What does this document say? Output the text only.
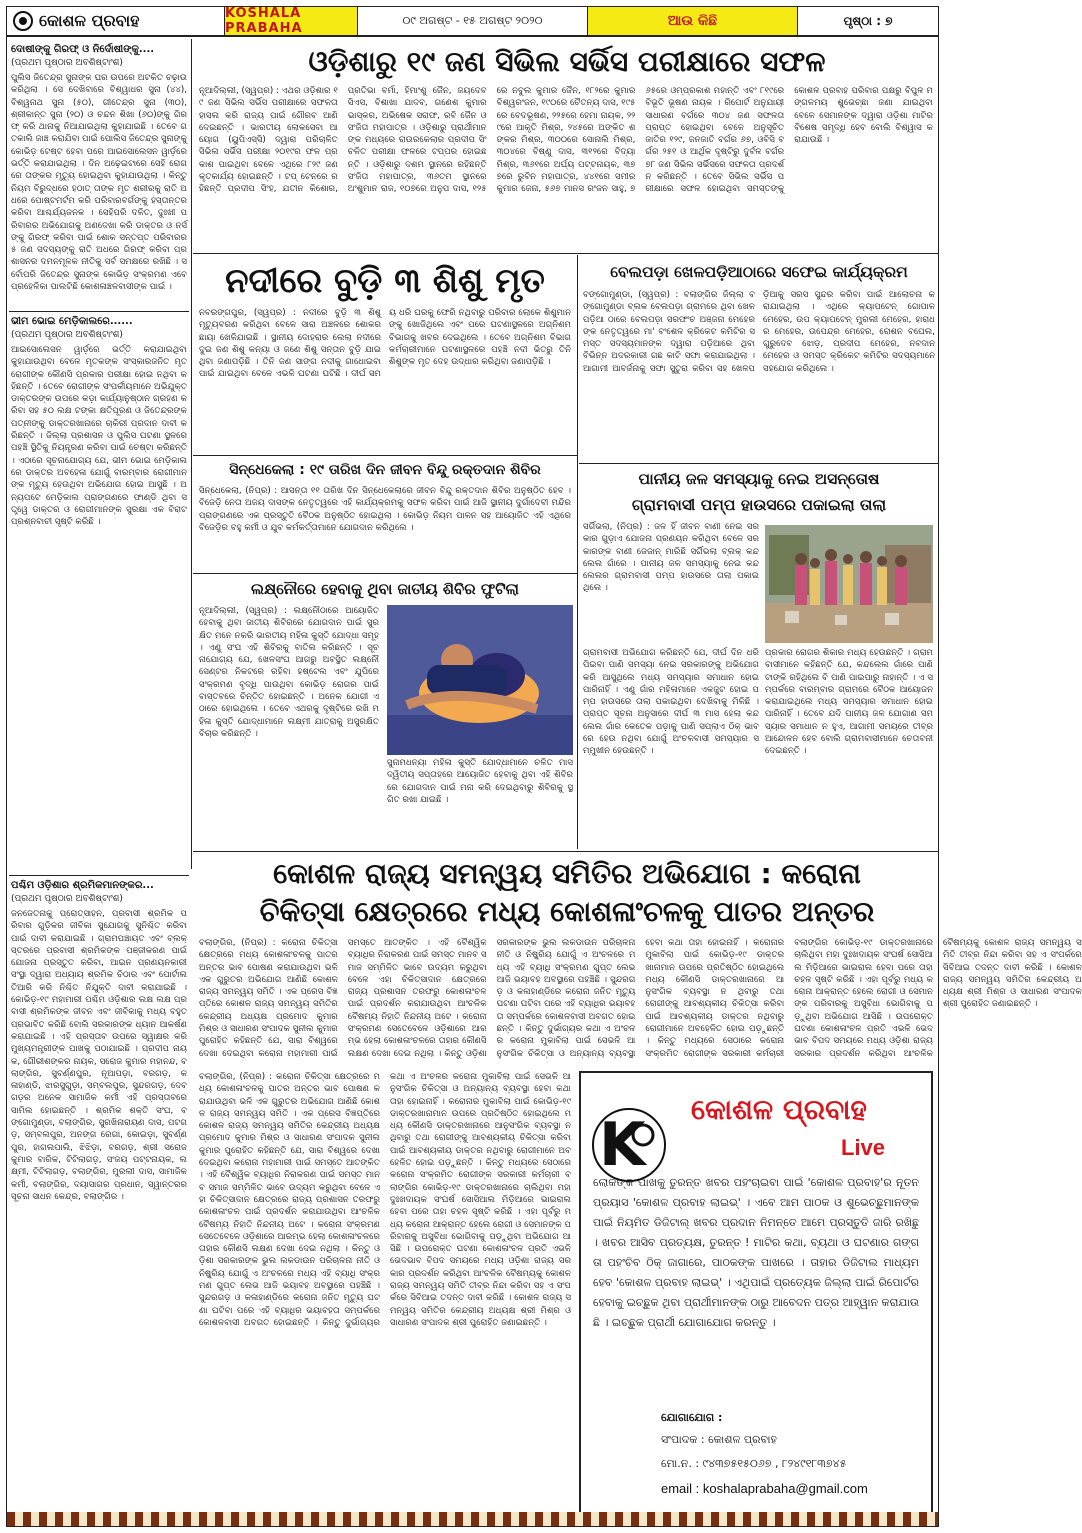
କୋଶଳ ପ୍ରବାହ	KOSHALA PRABAHA
୦୯ ଅଗଷ୍ଟ - ୧୫ ଅଗଷ୍ଟ ୨୦୨୦	ଆଉ କିଛି	ପୃଷ୍ଠା : ୭
ଦୋଷୀଙ୍କୁ ଗିରଫ୍ ଓ ନିର୍ଦୋଷୀଙ୍କୁ....
(ପ୍ରଥମ ପୃଷ୍ଠାର ଅବଶିଷ୍ଟାଂଶ)
ପୁଲିସ ଜିତେନ୍ଦ୍ର ସୁନାଙ୍କ ଘର ଉପରେ ଅଟକିତ ଚଢ଼ାଉ କରିଥିଲା । ସେ ଦେଖିବାରେ ବିଶ୍ୱାଧର ସୁନା (୪୪), ବିଶ୍ୱନାଥ ସୁନା (୫୦), ଗୀତେନ୍ଦ୍ର ସୁନା (୩୦), ଶ୍ରୀକାନ୍ତ ସୁନା (୨୦) ଓ ଚନ୍ଦନ ଶିଖା (୬୦)ଙ୍କୁ ଗିରଫ୍ କରି ଥାନାକୁ ନିଆଯାଇଥିଲା କୁହାଯାଇଛି । ତେବେ ଗତକାଲି ଜାଞ୍ଚ କରାଯିବା ପାଇଁ ପୋଲିସ ଜିତେନ୍ଦ୍ର ସୁନାଙ୍କୁ କୋଭିଡ଼ ଟେଷ୍ଟ ହେବା ପରେ ଆଇସୋଲେସନ ୱାର୍ଡ଼ରେ ଭର୍ତ୍ତି କରାଯାଇଥିଲା । ଦିନ ଅଢ଼େଇଟାରେ ସେହି ରୋଗରେ ତାଙ୍କର ମୃତ୍ୟୁ ହୋଇଥିବା କୁହାଯାଉଥିଲା । କିନ୍ତୁ ନିୟମ ବିରୁଦ୍ଧରେ ହଠାତ୍ ତାଙ୍କ ମୃତ ଶରୀରକୁ ରାତି ଅଧରେ ପୋଷ୍ଟମର୍ଟମ କରି ପରିବାରବର୍ଗଙ୍କୁ ହସ୍ତାନ୍ତର କରିବା ଆଶ୍ଚର୍ଯ୍ୟଜନକ । ସେହିପରି ଦଳିତ, ଦୁଃଖୀ ପରିବାରର ଅଭିଯୋଗକୁ ଅଣଦେଖା କରି ଡାକ୍ତର ଓ ନର୍ସଙ୍କୁ ଗିରଫ୍ କରିବା ପାଇଁ ଶୋକ ସନ୍ତପ୍ତ ପରିବାରର ୫ ଜଣ ସଦସ୍ୟଙ୍କୁ ରାତି ଅଧରେ ଗିରଫ୍ କରିବା ପ୍ରଶାସନର ଦମନମୂଳକ ନୀତିକୁ ସର୍ବ ସମକ୍ଷରେ ରଖିଛି । ସର୍ବୋପରି ଜିତେନ୍ଦ୍ର ସୁନାଙ୍କ କୋଭିଡ଼ ସଂକ୍ରମଣ ଏବେ ପ୍ରହେଳିକା ପାଲଟିଛି କୋଶଳାଞ୍ଚଳବାସୀଙ୍କ ପାଇଁ ।
ଭୀମ ଭୋଇ ମେଡ଼ିକାଲରେ......
(ପ୍ରଥମ ପୃଷ୍ଠାର ଅବଶିଷ୍ଟାଂଶ)
ଆଇସୋଲେସନ ୱାର୍ଡ଼ରେ ଭର୍ତ୍ତି କରାଯାଇଥିବା କୁହାଯାଉଥିବା ବେଳେ ମୃତକଙ୍କ ସଂସ୍କାରଜନିତ ମୃତ ରୋଗୀଙ୍କ କୌଣସି ପ୍ରକାର ପରୀକ୍ଷା ହୋଇ ନଥିବା କହିଛନ୍ତି । ତେବେ ରୋଗୀଙ୍କ ସଂପର୍କୀୟମାନେ ଅଭିଯୁକ୍ତ ଡାକ୍ତରଙ୍କ ଉପରେ କଡ଼ା କାର୍ଯ୍ୟାନୁଷ୍ଠାନ ଗ୍ରହଣ କରିବା ସହ ୫୦ ଲକ୍ଷ ଟଙ୍କା କ୍ଷତିପୂରଣ ଓ ଜିତେନ୍ଦ୍ରଙ୍କ ପତ୍ନୀଙ୍କୁ ଡାକ୍ତରଖାନାରେ ଚାକିରୀ ପ୍ରଦାନ ଦାବୀ କରିଛନ୍ତି । ଜିଲ୍ଲା ପ୍ରଶାସନ ଓ ପୁଲିସ ଘଟଣା ସ୍ଥଳରେ ପହଞ୍ଚି ସ୍ଥିତିକୁ ନିୟନ୍ତ୍ରଣ କରିବା ପାଇଁ ଚେଷ୍ଟା କରିଛନ୍ତି । ଏଠାରେ ସୂଚନାଯୋଗ୍ୟ ଯେ, ଭୀମ ଭୋଇ ମେଡ଼ିକାଲରେ ଡାକ୍ତର ଅବହେଳା ଯୋଗୁଁ ବାରମ୍ବାର ରୋଗୀମାନଙ୍କ ମୃତ୍ୟୁ ହେଉଥିବା ଅଭିଯୋଗ ହୋଇ ଆସୁଛି । ଅନ୍ୟପଟେ ମେଡ଼ିକାଲ ପ୍ରାଙ୍ଗଣରେ ଫାଣ୍ଡି ଥିବା ସତ୍ତ୍ୱେ ଡାକ୍ତର ଓ ରୋଗୀମାନଙ୍କ ସୁରକ୍ଷା ଏକ ବିରାଟ ପ୍ରଶ୍ନବାଚୀ ସୃଷ୍ଟି କରିଛି ।
ପଶ୍ଚିମ ଓଡ଼ିଶାର ଶ୍ରମିକମାନଙ୍କର...
(ପ୍ରଥମ ପୃଷ୍ଠାର ଅବଶିଷ୍ଟାଂଶ)
ଜନଜେତନାକୁ ପ୍ରୋତ୍ସାହନ, ପ୍ରବାସୀ ଶ୍ରମିକ ପରିବାର ଗୁଡ଼ିକର ଜୀବିକା ସୁଯୋଗକୁ ସୁନିଶ୍ଚିତ କରିବା ପାଇଁ ଦାବୀ କରାଯାଇଛି । ଗ୍ରାମପଞ୍ଚାୟତ ଏବଂ ବ୍ଲକ୍ ସ୍ତରରେ ପ୍ରବାସୀ ଶ୍ରମିକଙ୍କ ପଞ୍ଜୀକରଣ ପାଇଁ ଯୋଜନା ପ୍ରସ୍ତୁତ କରିବା, ଆଇନ ପ୍ରଣୟନକାରୀ ସଂସ୍ଥା ଦ୍ୱାରା ଅଧ୍ୟାୟ ଶ୍ରମିକ ଚିଠାର ଏବଂ ପୋର୍ଟାଲ ତିଆରି କରି ନିଶ୍ଚିତ ନିଯୁକ୍ତି ଦାବୀ କରାଯାଇଛି । କୋଭିଡ଼-୧୯ ମହାମାରୀ ପଶ୍ଚିମ ଓଡ଼ିଶାର ଲକ୍ଷ ଲକ୍ଷ ପ୍ରବାସୀ ଶ୍ରମିକଙ୍କ ଜୀବନ ଏବଂ ଜୀବିକାକୁ ମଧ୍ୟ ବହୁତ ପ୍ରଭାବିତ କରିଛି ବୋଲି ସରକାରଙ୍କ ଧ୍ୟାନ ଆକର୍ଷଣ କରାଯାଇଛି । ଏହି ପ୍ରସ୍ତାବ ଉପରେ ସ୍ୱାକ୍ଷର କରି ମୁଖ୍ୟମନ୍ତ୍ରୀଙ୍କ ପାଖକୁ ପଠାଯାଇଛି । ପ୍ରଦୀପ ନାୟକ, ଗୌରୀଶଙ୍କର ନାୟକ, ସରୋଜ କୁମାର ମହାନନ୍ଦ, ବଲାଙ୍ଗିର, ସୁବର୍ଣ୍ଣପୁର, ନୂଆପଡ଼ା, ବରଗଡ଼, କଳାହାଣ୍ଡି, ଝାରସୁଗୁଡ଼ା, ସମ୍ବଲପୁର, ସୁନ୍ଦରଗଡ଼, ଦେବଗଡ଼ର ଅନେକ ସାମାଜିକ କର୍ମୀ ଏହି ପ୍ରସ୍ତାବରେ ସାମିଲ ହୋଇଛନ୍ତି । ଶ୍ରମିକ ଶକ୍ତି ସଂଘ, ବଙ୍ଗୋମୁଣ୍ଡା, ବଲାଙ୍ଗିର, ସୁରଖିନାରାୟଣ ଦାସ, ପଟଗଡ଼, ସମ୍ବଲପୁର, ଅନଙ୍ଗ ରେଗା, କୋଇଡ଼ା, ସୁବର୍ଣ୍ଣପୁର, ହାଗଲପାଲି, ଝିଝିଡ଼ା, ବରଗଡ଼, ଶ୍ରୀ ସରୋଜ କୁମାର ବାରିକ, ଟିଟିଲାଗଡ଼, ସଂଜୟ ପଟ୍ଟନାୟକ, ଲକ୍ଷ୍ମୀ, ଟିଟିଲାଗଡ଼, ବଲାଙ୍ଗିର, ମୁରଲୀ ଦାସ, ସାମାଜିକ କର୍ମୀ, ବଲାଙ୍ଗିର, ଦୟାସାଗର ପ୍ରଧାନ, ସ୍ୱାନ୍ତରର ସୂଚନା ସାଧନ କେନ୍ଦ୍ର, ବଲାଙ୍ଗିର ।
ଓଡ଼ିଶାରୁ ୧୯ ଜଣ ସିଭିଲ ସର୍ଭିସ ପରୀକ୍ଷାରେ ସଫଳ
ନୂଆଦିଲ୍ଲୀ, (ସ୍ୱପ୍ର) : ଏଥର ଓଡ଼ିଶାର ୧୯ ଜଣ ସିଭିଲ ସର୍ଭିସ ପରୀକ୍ଷାରେ ସଫଳତା ହାସଲ କରି ରାଜ୍ୟ ପାଇଁ ଗୌରବ ଆଣି ଦେଇଛନ୍ତି । ଭାରତୀୟ ଲୋକସେବା ଆୟୋଗ (ୟୁପିଏସ୍‌ସି) ଦ୍ୱାରା ପରିଚାଳିତ ସିଭିଲ ସର୍ଭିସ ପରୀକ୍ଷା ୨୦୧୯ର ଫଳ ପ୍ରକାଶ ପାଇଥିବା ବେଳେ ଏଥିରେ ୮୨୯ ଜଣ କୃତକାର୍ଯ୍ୟ ହୋଇଛନ୍ତି । ଟପ୍ ଟେନରେ ରହିଛନ୍ତି ପ୍ରଦୀପ ସିଂହ, ଯତୀନ କିଶୋର, ପ୍ରତିଭା ବର୍ମା, ହିମାଂଶୁ ଜୈନ, ଜୟଦେବ ସିଏସ, ବିଶାଖା ଯାଦବ, ଗଣେଶ କୁମାର ଭାସ୍କର, ଅଭିଷେକ ସରାଫ, ରବି ଜୈନ ଓ ସଂଜିତା ମହାପାତ୍ର । ଓଡ଼ିଶାରୁ ପ୍ରାର୍ଥୀମାନଙ୍କ ମଧ୍ୟରେ ରାଉରକେଲାର ପ୍ରଦୀପ ସିଂ ଚଳିତ ପରୀକ୍ଷା ଫଳରେ ଟପ୍ପର ହୋଇଛନ୍ତି । ଓଡ଼ିଶାରୁ ଦଶମ ସ୍ଥାନରେ ରହିଛନ୍ତି ସଂଜିତା ମହାପାତ୍ର, ୩୬ତମ ସ୍ଥାନରେ ଅଂଶୁମାନ ରାଜ, ୧୦୭ରେ ଅନୁପ ଦାସ, ୧୨୫ରେ ନବୁଲ କୁମାର ଜୈନ, ୧୮୨ରେ କୁମାର ବିଶ୍ୱରଂଜନ, ୧୯୦ରେ ଚୈତନ୍ୟ ଦାସ, ୧୯୫ରେ ବେଦଭୂଷଣ, ୨୨୫ରେ ହେମା ନାୟକ, ୨୨୯ରେ ଆକୃତି ମିଶ୍ର, ୨୪୫ରେ ଅଙ୍କିତ ଶଙ୍କର ମିଶ୍ର, ୩୦୦ରେ ସୋନାଲି ମିଶ୍ର, ୩୦୪ରେ ବିଷ୍ଣୁ ଦାସ, ୩୧୨ରେ ବିଦ୍ୟା ମିଶ୍ର, ୩୬୧ରେ ଅର୍ଘ୍ୟ ପଟ୍ଟନାୟକ, ୩୭୭ରେ ରୁବିନ ମହାପାତ୍ର, ୪୪୧ରେ ସମୀର କୁମାର ଜେନା, ୫୬୭ ମାନସ ରଂଜନ ସାହୁ, ୭୬୫ରେ ଓମ୍‌ପ୍ରକାଶ ମହାନ୍ତି ଏବଂ ୮୧୯ରେ ବିଭୂତି ଭୂଷଣ ନାୟକ । ରିପୋର୍ଟ ଅନୁଯାୟୀ ସାଧାରଣ ବର୍ଗରେ ୩୦୪ ଜଣ ସଫଳତା ପ୍ରାପ୍ତ ହୋଇଥିବା ବେଳେ ଅନୁସୂଚିତ ଜାତିର ୧୨୯, ଜନଜାତି ବର୍ଗର ୬୭, ଓବିସି ବର୍ଗର ୨୫୧ ଓ ଆର୍ଥିକ ଦୃଷ୍ଟିରୁ ଦୁର୍ବଳ ବର୍ଗର ୭୮ ଜଣ ସିଭିଲ ସର୍ଭିସରେ ସଫଳତା ପ୍ରଦର୍ଶନ କରିଛନ୍ତି । ତେବେ ସିଭିଲ ସର୍ଭିସ ପରୀକ୍ଷାରେ ସଫଳ ହୋଇଥିବା ସମସ୍ତଙ୍କୁ କୋଶଳ ପ୍ରବାହ ପରିବାର ପକ୍ଷରୁ ବିପୁଳ ମଙ୍ଗଳମୟ ଶୁଭେଚ୍ଛା ଜଣା ଯାଇଥିବା ବେଳେ ସେମାନଙ୍କ ଦ୍ୱାରା ଓଡ଼ିଶା ମାଟିର ବିଶେଷ ସମୃଦ୍ଧି ହେବ ବୋଲି ବିଶ୍ୱାସ କରାଯାଉଛି ।
ନଦୀରେ ବୁଡ଼ି ୩ ଶିଶୁ ମୃତ
ନବରଙ୍ଗପୁର, (ସ୍ୱପ୍ର) : ନଦୀରେ ବୁଡ଼ି ୩ ଶିଶୁ ମୃତ୍ୟୁବରଣ କରିଥିବା ବେଳେ ସାରା ଅଞ୍ଚଳରେ ଶୋକର ଛାୟା ଖେଳିଯାଇଛି । ସ୍ଥାନୀୟ ଦୋହରାର ଲେଲା ନଦୀରେ ଦୁଇ ଜଣ ଶିଶୁ କନ୍ୟା ଓ ଜଣେ ଶିଶୁ ସନ୍ତାନ ବୁଡ଼ି ଯାଇଥିବା ଜଣାପଡ଼ିଛି । ତିନି ଜଣ ସାଙ୍ଗ ନଦୀକୁ ଗାଧୋଇବା ପାଇଁ ଯାଇଥିବା ବେଳେ ଏଭଳି ଘଟଣା ଘଟିଛି । ଦୀର୍ଘ ସମୟ ଧରି ଘରକୁ ଫେରି ନଥିବାରୁ ପରିବାର ଲୋକେ ଶିଶୁମାନଙ୍କୁ ଖୋଜିଥିଲେ ଏବଂ ପରେ ଘଟଣାସ୍ଥଳରେ ଅଗ୍ନିଶମ ବିଭାଗକୁ ଖବର ଦେଇଥିଲେ । ତେବେ ଅଗ୍ନିଶମ ବିଭାଗ କର୍ମଚାରୀମାନେ ଘଟଣାସ୍ଥଳରେ ପହଞ୍ଚି ନଦୀ ଭିତରୁ ତିନି ଶିଶୁଙ୍କ ମୃତ ଦେହ ଉଦ୍ଧାର କରିଥିବା ଜଣାପଡ଼ିଛି ।
ସିନ୍ଧେକେଲା : ୧୯ ତାରିଖ ଦିନ ଜୀବନ ବିନ୍ଦୁ ରକ୍ତଦାନ ଶିବିର
ସିନ୍ଧେକେଲା, (ନିପ୍ର) : ଆସନ୍ତା ୧୧ ତାରିଖ ଦିନ ସିନ୍ଧେକେଲାରେ ଜୀବନ ବିନ୍ଦୁ ରକ୍ତଦାନ ଶିବିର ଅନୁଷ୍ଠିତ ହେବ । ବିଜେଡ଼ି ନେତା ଅଜୟ ଦାସଙ୍କ ନେତୃତ୍ୱରେ ଏହି କାର୍ଯ୍ୟକ୍ରମକୁ ସଫଳ କରିବା ପାଇଁ ଆଜି ସ୍ଥାନୀୟ ଦୁର୍ଗାଦେବୀ ମନ୍ଦିର ପ୍ରାଙ୍ଗଣରେ ଏକ ପ୍ରସ୍ତୁତି ବୈଠକ ଅନୁଷ୍ଠିତ ହୋଇଥିଲା । କୋଭିଡ଼ ନିୟମ ପାଳନ ସହ ଆୟୋଜିତ ଏହି ଏଥିରେ ବିଜେଡ଼ିର ବହୁ କର୍ମୀ ଓ ଯୁବ କର୍ମକର୍ତ୍ତାମାନେ ଯୋଗଦାନ କରିଥିଲେ ।
ଲକ୍ଷ୍ନୌରେ ହେବାକୁ ଥିବା ଜାତୀୟ ଶିବିର ଫୁଟିଲା
ନୂଆଦିଲ୍ଲୀ, (ସ୍ୱପ୍ର) : ଲକ୍ଷ୍ନୌଠାରେ ଆୟୋଜିତ ହେବାକୁ ଥିବା ଜାତୀୟ ଶିବିରରେ ଯୋଗଦାନ ପାଇଁ ସୁରକ୍ଷିତ ମନେ ନକରି ଭାରତୀୟ ମହିଳା କୁସ୍ତି ଯୋଦ୍ଧା ସମୂହ । ଏଣୁ ସଂଘ ଏହି ଶିବିରକୁ ବାତିଲ କରିଛନ୍ତି । ସୂଚନାଯୋଗ୍ୟ ଯେ, ଖେଳସଂଘ ଆଗରୁ ଅବସ୍ଥିତ ଲକ୍ଷ୍ନୌ ସେଣ୍ଟର ନିକଟରେ ରହିବା ହଷ୍ଟେଲ ଏବଂ ଯୁପିରେ ସଂକ୍ରମଣ ବୃଦ୍ଧି ପାଉଥିବା କୋଭିଡ଼ ରୋଗର ପାଇଁ ବାସ୍ତବରେ ଚିନ୍ତିତ ହୋଇଛନ୍ତି । ଅନେକ ଯୋଗୀ ଏଠାରେ ହୋଇଥିଲେ । ତେବେ ଏଥରକୁ ଦୃଷ୍ଟିରେ ରଖି ମହିଳା କୁସ୍ତି ଯୋଦ୍ଧାମାନେ ଲକ୍ଷ୍ମୀ ଯାତ୍ରାକୁ ଅସୁରକ୍ଷିତ ବିଚାର କରିଛନ୍ତି ।
ସୁନାମଧନ୍ୟା ମହିଳା କୁସ୍ତି ଯୋଦ୍ଧାମାନେ ଚଳିତ ମାସ ଦ୍ୱିତୀୟ ସପ୍ତାହରେ ଆୟୋଜିତ ହେବାକୁ ଥିବା ଏହି ଶିବିରରେ ଯୋଗଦାନ ପାଇଁ ମନା କରି ଦେଇଥିବାରୁ ଶିବିରକୁ ସ୍ଥଗିତ ରଖା ଯାଇଛି ।
ବେଲପଡ଼ା ଖେଳପଡ଼ିଆଠାରେ ସଫେଇ କାର୍ଯ୍ୟକ୍ରମ
ବଙ୍ଗୋମୁଣ୍ଡା, (ସ୍ୱପ୍ର) : ବଲାଙ୍ଗିର ଜିଲ୍ଲା ବଙ୍ଗୋମୁଣ୍ଡା ବ୍ଲକ ବେଲପଡ଼ା ଗ୍ରାମରେ ଥିବା ଖେଳପଡ଼ିଆ ଠାରେ ବେଲପଡ଼ା ସରଫଂଚ ଅଞ୍ଜନା ମେହେରଙ୍କ ନେତୃତ୍ୱରେ ମା' ବଂଶେଳ କ୍ରିକେଟ କମିଟିର ସମସ୍ତ ସଦସ୍ୟମାନଙ୍କ ଦ୍ୱାରା ପଡ଼ିଆରେ ଥିବା ବିଭିନ୍ନ ଅଦରକାରୀ ଗଛ କାଟି ସଫା କରାଯାଇଥିଲା । ଆଗାମୀ ଆବର୍ଜନାକୁ ସଫା ସୁତୁରା କରିବା ସହ ଖେଳପଡ଼ିଆକୁ ସରସ ସୁନ୍ଦର କରିବା ପାଇଁ ଆଲୋଚନା କରାଯାଇଥିଲା । ଏଥିରେ କ୍ୟାପଟେନ୍ ଗୋପାଳ ମେହେର, ଉପ କ୍ୟାପଟେନ୍ ମୁରଲୀ ମେହେର, ହାରାଧର ମେହେର, ଉପେନ୍ଦ୍ର ମେହେର, ରୋଶନ ବଘେଲ, ଗୁରୁଦେବ ଝୋଡ଼, ପ୍ରଦୀପ ମେହେର, ନବଦାନ ମେହେର ଓ ସମସ୍ତ କ୍ରିକେଟ କମିଟିର ସଦସ୍ୟମାନେ ସହଯୋଗ କରିଥିଲେ ।
ପାନୀୟ ଜଳ ସମସ୍ୟାକୁ ନେଇ ଅସନ୍ତୋଷ
ଗ୍ରାମବାସୀ ପମ୍ପ ହାଉସରେ ପକାଇଲା ତାଲା
ସର୍ଗିଭଲା, (ନିପ୍ର) : ଜଳ ହିଁ ଜୀବନ ବାଣୀ ନେଇ ସରକାର ଗୁଡ଼ାଏ ଯୋଜନା ପ୍ରଣୟନ କରିଥିବା ବେଳେ ସରକାରଙ୍କ ବାଣୀ ଜେଜାନ୍ ମାରିଛି ସର୍ଗିଭଲା ବ୍ଲକ୍ କନ୍ଦଲେଲ ଗାଁରେ । ପାନୀୟ ଜଳ ସମସ୍ୟାକୁ ନେଇ କନ୍ଦଲେଲର ଗ୍ରାମବାସୀ ପମ୍ପ ହାଉସରେ ତାଲା ପକାଇଥିଲେ ।
ଗ୍ରାମବାସୀ ଅଭିଯୋଗ କରିଛନ୍ତି ଯେ, ଦୀର୍ଘ ଦିନ ଧରି ପିଇବା ପାଣି ସମସ୍ୟା ନେଇ ସରକାରଙ୍କୁ ଅଭିଯୋଗ କରି ଆସୁଥିଲେ ମଧ୍ୟ ସମସ୍ୟାର ସମାଧାନ ହୋଇ ପାରିନାହିଁ । ଏଣୁ ଗାଁର ମହିଳାମାନେ ଏକଜୁଟ ହୋଇ ପମ୍ପ ହାଉସରେ ତାଲା ପକାଇଥିବା ଦେଖିବାକୁ ମିଳିଛି । ପ୍ରାପ୍ତ ସୂଚନା ଅନୁସାରେ ଦୀର୍ଘ ୩ ମାସ ହେଲା କନ୍ଦଲେଲ ଗାଁର କେତେକ ପଡ଼ାକୁ ପାଣି ସପ୍ଲାଏ ଠିକ୍ ଭାବରେ ହେଉ ନଥିବା ଯୋଗୁଁ ଅଂଚଳବାସୀ ସମସ୍ୟାର ସମ୍ମୁଖୀନ ହେଉଛନ୍ତି ।
ପ୍ରକାର ରୋଗର ଶିକାର ମଧ୍ୟ ହେଉଛନ୍ତି । ଗ୍ରାମବାସୀମାନେ କହିଛନ୍ତି ଯେ, କନ୍ଦଲେଲ ଗାଁରେ ପାଣି ଟାଙ୍କି ରହିଥିଲେ ବି ପାଣି ପାଇପାରୁ ନାହାନ୍ତି । ଏ ସମ୍ପର୍କରେ ବାରମ୍ବାର ଗ୍ରାମରେ ବୈଠକ ଆୟୋଜନ କରାଯାଇଥିଲେ ମଧ୍ୟ ସମସ୍ୟାର ସମାଧାନ ହୋଇପାରିନାହିଁ । ତେବେ ଯଦି ପାନୀୟ ଜଳ ଯୋଗାଣ ସମସ୍ୟାର ସମାଧାନ ନ ହୁଏ, ଆଗାମୀ ସମୟରେ ତୀବ୍ର ଆନ୍ଦୋଳନ ହେବ ବୋଲି ଗ୍ରାମବାସୀମାନେ ଚେତାବନୀ ଦେଇଛନ୍ତି ।
କୋଶଳ ରାଜ୍ୟ ସମନ୍ୱୟ ସମିତିର ଅଭିଯୋଗ : କରୋନା
ଚିକିତ୍ସା କ୍ଷେତ୍ରରେ ମଧ୍ୟ କୋଶଳାଂଚଳକୁ ପାତର ଅନ୍ତର
ବଲାଙ୍ଗିର, (ନିପ୍ର) : କରୋନା ଚିକିତ୍ସା କ୍ଷେତ୍ରରେ ମଧ୍ୟ କୋଶଳାଂଚଳକୁ ପାତର ଅନ୍ତର ଭାବ ପୋଷଣ କରାଯାଉଥିବା ଭଳି ଏକ ଗୁରୁତର ଅଭିଯୋଗ ଆଣିଛି କୋଶଳ ରାଜ୍ୟ ସମନ୍ୱୟ ସମିତି । ଏକ ପ୍ରେସ ବିଜ୍ଞପ୍ତିରେ କୋଶଳ ରାଜ୍ୟ ସମନ୍ୱୟ ସମିତିର କେନ୍ଦ୍ରୀୟ ଅଧ୍ୟକ୍ଷ ପ୍ରମୋଦ କୁମାର ମିଶ୍ର ଓ ସାଧାରଣ ସଂପାଦକ ସୁନୀଲ କୁମାର ପୁରୋହିତ କହିଛନ୍ତି ଯେ, ସାରା ବିଶ୍ୱରେ ଦେଖା ଦେଇଥିବା କରୋନା ମହାମାରୀ ପାଇଁ ସମସ୍ତେ ଆତଙ୍କିତ । ଏହି ବୈଶ୍ୱିକ ବ୍ୟାଧିର ନିରାକରଣ ପାଇଁ ସମସ୍ତ ମାନବ ସମାଜ ସମ୍ମିଳିତ ଭାବେ ଉଦ୍ୟମ କରୁଥିବା ବେଳେ ଏହା ଚିକିତ୍ସାଦାନ କ୍ଷେତ୍ରରେ ରାଜ୍ୟ ପ୍ରଶାସନ ତରଫରୁ କୋଶଳାଂଚଳ ପାଇଁ ପ୍ରଦର୍ଶନ କରାଯାଉଥିବା ଆଂଚଳିକ ବୈଷମ୍ୟ ନିହାତି ନିନ୍ଦନୀୟ ଅଟେ । କରୋନା ସଂକ୍ରମଣ ସେତେବେଳେ ଓଡ଼ିଶାରେ ଆରମ୍ଭ ହେଲା କୋଶଳାଂଚଳରେ ତାହାର କୌଣସି ଲକ୍ଷଣ ଦେଖା ଦେଇ ନଥିଲା । କିନ୍ତୁ ଓଡ଼ିଶା ସରକାରଙ୍କ ଭୁଲ ଲକଡାଉନ ପରିଚାଳନା ନୀତି ଓ ନିଷ୍କ୍ରିୟ ଯୋଗୁଁ ଏ ଅଂଚଳରେ ମଧ୍ୟ ଏହି ବ୍ୟାଧି ସଂକ୍ରମଣ ଗୁପ୍ତ ଲେଭ ଆଜି ଭୟାବହ ଅବସ୍ଥାରେ ପହଞ୍ଚିଛି । ସୁନ୍ଦରଗଡ଼ ଓ କଳାହାଣ୍ଡିରେ କରୋନା ଜନିତ ମୃତ୍ୟୁ ଘଟଣା ଘଟିବା ପରେ ଏହି ବ୍ୟାଧିର ଭୟାବହତା ସମ୍ପର୍କରେ କୋଶଳବାସୀ ଅବଗତ ହୋଇଛନ୍ତି । କିନ୍ତୁ ଦୁର୍ଭାଗ୍ୟର କଥା ଏ ଅଂଚଳର କରୋନା ମୁକାବିଲା ପାଇଁ ସେଭଳି ଆନୁସଂଗିକ ଚିକିତ୍ସା ଓ ଅନ୍ୟାନ୍ୟ ବ୍ୟବସ୍ଥା ହେବା କଥା ତାହା ହୋଇନାହିଁ । କରୋନାର ମୁକାବିଲା ପାଇଁ କୋଭିଡ଼-୧୯ ଡାକ୍ତରଖାନାମାନ ଉପରେ ପ୍ରତିଷ୍ଠିତ ହୋଇଥିଲେ ମଧ୍ୟ କୌଣସି ଡାକ୍ତରଖାନାରେ ଆନୁସଂଗିକ ବ୍ୟବସ୍ଥା ନ ଥିବାରୁ ତଥା ରୋଗୀଙ୍କୁ ଆବଶ୍ୟକୀୟ ଚିକିତ୍ସା କରିବା ପାଇଁ ଆବଶ୍ୟକୀୟ ଡାକ୍ତର ନଥିବାରୁ ରୋଗୀମାନେ ଅବହେଳିତ ହୋଇ ପଡ଼ୁଛନ୍ତି । କିନ୍ତୁ ମଧ୍ୟରେ ସେଠାରେ କରୋନା ସଂକ୍ରମିତ ରୋଗୀଙ୍କ ସରକାରୀ କର୍ମଚାରୀ ବଲାଙ୍ଗିର କୋଭିଡ଼-୧୯ ଡାକ୍ତରଖାନାରେ ଚାଲିଥିବା ମହା ଦୁଃଖଦାୟକ ସଂଘର୍ଷ ସୋସିଆଲ ମିଡ଼ିଆରେ ଭାଇରାଲ ହେବା ପରେ ତାହା ଚହଳ ସୃଷ୍ଟି କରିଛି । ଏହା ପୂର୍ବରୁ ମଧ୍ୟ କରୋନା ଆକ୍ରାନ୍ତ ହେଲେ ରୋଗୀ ଓ ସେମାନଙ୍କ ପରିବାରକୁ ଅସୁବିଧା ଭୋଗିବାକୁ ପଡ଼ୁଥିବା ଅଭିଯୋଗ ଆସିଛି । ଉପରୋକ୍ତ ଘଟଣା କୋଶଳାଂଚଳ ପ୍ରତି ଏଭଳି ଭେଦଭାବ ବିପଦ ସମୟରେ ମଧ୍ୟ ଓଡ଼ିଶା ରାଜ୍ୟ ସରକାର ପ୍ରଦର୍ଶନ କରିଥିବା ଆଂଚଳିକ ବୈଷମ୍ୟକୁ କୋଶଳ ରାଜ୍ୟ ସମନ୍ୱୟ ସମିତି ତୀବ୍ର ନିନ୍ଦା କରିବା ସହ ଏ ସଂପର୍କରେ ସିବିଆଇ ତଦନ୍ତ ଦାବୀ କରିଛି । କୋଶଳ ରାଜ୍ୟ ସମନ୍ୱୟ ସମିତିର କେନ୍ଦ୍ରୀୟ ଅଧ୍ୟକ୍ଷ ଶ୍ରୀ ମିଶ୍ର ଓ ସାଧାରଣ ସଂପାଦକ ଶ୍ରୀ ପୁରୋହିତ ଜଣାଇଛନ୍ତି ।
ବଲାଙ୍ଗିର, (ନିପ୍ର) : କରୋନା ଚିକିତ୍ସା କ୍ଷେତ୍ରରେ ମଧ୍ୟ କୋଶଳାଂଚଳକୁ ପାତର ଅନ୍ତର ଭାବ ପୋଷଣ କରାଯାଉଥିବା ଭଳି ଏକ ଗୁରୁତର ଅଭିଯୋଗ ଆଣିଛି କୋଶଳ ରାଜ୍ୟ ସମନ୍ୱୟ ସମିତି । ଏକ ପ୍ରେସ ବିଜ୍ଞପ୍ତିରେ କୋଶଳ ରାଜ୍ୟ ସମନ୍ୱୟ ସମିତିର କେନ୍ଦ୍ରୀୟ ଅଧ୍ୟକ୍ଷ ପ୍ରମୋଦ କୁମାର ମିଶ୍ର ଓ ସାଧାରଣ ସଂପାଦକ ସୁନୀଲ କୁମାର ପୁରୋହିତ କହିଛନ୍ତି ଯେ, ସାରା ବିଶ୍ୱରେ ଦେଖା ଦେଇଥିବା କରୋନା ମହାମାରୀ ପାଇଁ ସମସ୍ତେ ଆତଙ୍କିତ । ଏହି ବୈଶ୍ୱିକ ବ୍ୟାଧିର ନିରାକରଣ ପାଇଁ ସମସ୍ତ ମାନବ ସମାଜ ସମ୍ମିଳିତ ଭାବେ ଉଦ୍ୟମ କରୁଥିବା ବେଳେ ଏହା ଚିକିତ୍ସାଦାନ କ୍ଷେତ୍ରରେ ରାଜ୍ୟ ପ୍ରଶାସନ ତରଫରୁ କୋଶଳାଂଚଳ ପାଇଁ ପ୍ରଦର୍ଶନ କରାଯାଉଥିବା ଆଂଚଳିକ ବୈଷମ୍ୟ ନିହାତି ନିନ୍ଦନୀୟ ଅଟେ । କରୋନା ସଂକ୍ରମଣ ସେତେବେଳେ ଓଡ଼ିଶାରେ ଆରମ୍ଭ ହେଲା କୋଶଳାଂଚଳରେ ତାହାର କୌଣସି ଲକ୍ଷଣ ଦେଖା ଦେଇ ନଥିଲା । କିନ୍ତୁ ଓଡ଼ିଶା ସରକାରଙ୍କ ଭୁଲ ଲକଡାଉନ ପରିଚାଳନା ନୀତି ଓ ନିଷ୍କ୍ରିୟ ଯୋଗୁଁ ଏ ଅଂଚଳରେ ମଧ୍ୟ ଏହି ବ୍ୟାଧି ସଂକ୍ରମଣ ଗୁପ୍ତ ଲେଭ ଆଜି ଭୟାବହ ଅବସ୍ଥାରେ ପହଞ୍ଚିଛି । ସୁନ୍ଦରଗଡ଼ ଓ କଳାହାଣ୍ଡିରେ କରୋନା ଜନିତ ମୃତ୍ୟୁ ଘଟଣା ଘଟିବା ପରେ ଏହି ବ୍ୟାଧିର ଭୟାବହତା ସମ୍ପର୍କରେ କୋଶଳବାସୀ ଅବଗତ ହୋଇଛନ୍ତି । କିନ୍ତୁ ଦୁର୍ଭାଗ୍ୟର କଥା ଏ ଅଂଚଳର କରୋନା ମୁକାବିଲା ପାଇଁ ସେଭଳି ଆନୁସଂଗିକ ଚିକିତ୍ସା ଓ ଅନ୍ୟାନ୍ୟ ବ୍ୟବସ୍ଥା ହେବା କଥା ତାହା ହୋଇନାହିଁ । କରୋନାର ମୁକାବିଲା ପାଇଁ କୋଭିଡ଼-୧୯ ଡାକ୍ତରଖାନାମାନ ଉପରେ ପ୍ରତିଷ୍ଠିତ ହୋଇଥିଲେ ମଧ୍ୟ କୌଣସି ଡାକ୍ତରଖାନାରେ ଆନୁସଂଗିକ ବ୍ୟବସ୍ଥା ନ ଥିବାରୁ ତଥା ରୋଗୀଙ୍କୁ ଆବଶ୍ୟକୀୟ ଚିକିତ୍ସା କରିବା ପାଇଁ ଆବଶ୍ୟକୀୟ ଡାକ୍ତର ନଥିବାରୁ ରୋଗୀମାନେ ଅବହେଳିତ ହୋଇ ପଡ଼ୁଛନ୍ତି । କିନ୍ତୁ ମଧ୍ୟରେ ସେଠାରେ କରୋନା ସଂକ୍ରମିତ ରୋଗୀଙ୍କ ସରକାରୀ କର୍ମଚାରୀ ବଲାଙ୍ଗିର କୋଭିଡ଼-୧୯ ଡାକ୍ତରଖାନାରେ ଚାଲିଥିବା ମହା ଦୁଃଖଦାୟକ ସଂଘର୍ଷ ସୋସିଆଲ ମିଡ଼ିଆରେ ଭାଇରାଲ ହେବା ପରେ ତାହା ଚହଳ ସୃଷ୍ଟି କରିଛି । ଏହା ପୂର୍ବରୁ ମଧ୍ୟ କରୋନା ଆକ୍ରାନ୍ତ ହେଲେ ରୋଗୀ ଓ ସେମାନଙ୍କ ପରିବାରକୁ ଅସୁବିଧା ଭୋଗିବାକୁ ପଡ଼ୁଥିବା ଅଭିଯୋଗ ଆସିଛି । ଉପରୋକ୍ତ ଘଟଣା କୋଶଳାଂଚଳ ପ୍ରତି ଏଭଳି ଭେଦଭାବ ବିପଦ ସମୟରେ ମଧ୍ୟ ଓଡ଼ିଶା ରାଜ୍ୟ ସରକାର ପ୍ରଦର୍ଶନ କରିଥିବା ଆଂଚଳିକ ବୈଷମ୍ୟକୁ କୋଶଳ ରାଜ୍ୟ ସମନ୍ୱୟ ସମିତି ତୀବ୍ର ନିନ୍ଦା କରିବା ସହ ଏ ସଂପର୍କରେ ସିବିଆଇ ତଦନ୍ତ ଦାବୀ କରିଛି । କୋଶଳ ରାଜ୍ୟ ସମନ୍ୱୟ ସମିତିର କେନ୍ଦ୍ରୀୟ ଅଧ୍ୟକ୍ଷ ଶ୍ରୀ ମିଶ୍ର ଓ ସାଧାରଣ ସଂପାଦକ ଶ୍ରୀ ପୁରୋହିତ ଜଣାଇଛନ୍ତି ।
K
କୋଶଳ ପ୍ରବାହ
Live
ଲୋକଙ୍କ ପାଖକୁ ତୁରନ୍ତ ଖବର ପହଂଚାଇବା ପାଇଁ 'କୋଶଳ ପ୍ରବାହ'ର ନୂତନ ପ୍ରୟାସ 'କୋଶଳ ପ୍ରବାହ ଲାଇଭ୍' । ଏବେ ଆମ ପାଠକ ଓ ଶୁଭେଚ୍ଛୁମାନଙ୍କ ପାଇଁ ନିୟମିତ ଡିଜିଟାଲ୍ ଖବର ପ୍ରଦାନ ନିମନ୍ତେ ଆମେ ପ୍ରସ୍ତୁତି ଜାରି ରଖିଛୁ । ଖବର ଆସିବ ପ୍ରତ୍ୟକ୍ଷ, ତୁରନ୍ତ ! ମାଟିର କଥା, ବ୍ୟଥା ଓ ଘଟଣାର ଗଙ୍ଗତା ପହଂଚିବ ଠିକ୍ ଜାଗାରେ, ପାଠକଙ୍କ ପାଖରେ । ତାହାର ଡିଜିଟାଲ ମାଧ୍ୟମ ହେବ 'କୋଶଳ ପ୍ରବାହ ଲାଇଭ୍' । ଏଥିପାଇଁ ପ୍ରତ୍ୟେକ ଜିଲ୍ଲା ପାଇଁ ରିପୋର୍ଟର ହେବାକୁ ଇଚ୍ଛୁକ ଥିବା ପ୍ରାର୍ଥୀମାନଙ୍କ ଠାରୁ ଆବେଦନ ପତ୍ର ଆହ୍ୱାନ କରାଯାଉଛି । ଇଚ୍ଛୁକ ପ୍ରାର୍ଥୀ ଯୋଗାଯୋଗ କରନ୍ତୁ ।
ଯୋଗାଯୋଗ :
ସଂପାଦକ : କୋଶଳ ପ୍ରବାହ
ମୋ.ନ. : ୯୪୩୭୫୧୫୦୬୭ , ୮୨୪୯୧୮୩୭୪୫
email : koshalaprabaha@gmail.com
